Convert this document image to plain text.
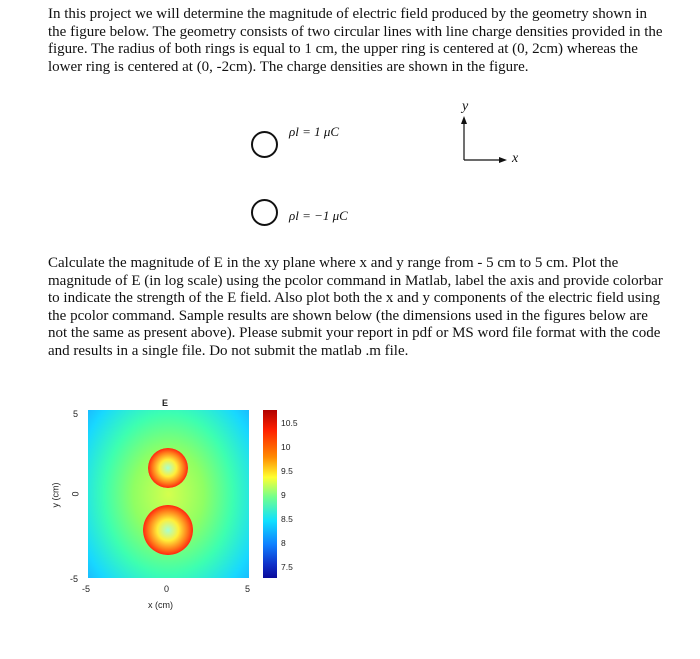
In this project we will determine the magnitude of electric field produced by the geometry shown in the figure below. The geometry consists of two circular lines with line charge densities provided in the figure. The radius of both rings is equal to 1 cm, the upper ring is centered at (0, 2cm) whereas the lower ring is centered at (0, -2cm). The charge densities are shown in the figure.

ρl = 1 μC
ρl = −1 μC
y
x

Calculate the magnitude of E in the xy plane where x and y range from - 5 cm to 5 cm. Plot the magnitude of E (in log scale) using the pcolor command in Matlab, label the axis and provide colorbar to indicate the strength of the E field. Also plot both the x and y components of the electric field using the pcolor command. Sample results are shown below (the dimensions used in the figures below are not the same as present above). Please submit your report in pdf or MS word file format with the code and results in a single file. Do not submit the matlab .m file.

E
5
0
-5
y (cm)
-5	0	5
x (cm)
10.5
10
9.5
9
8.5
8
7.5
